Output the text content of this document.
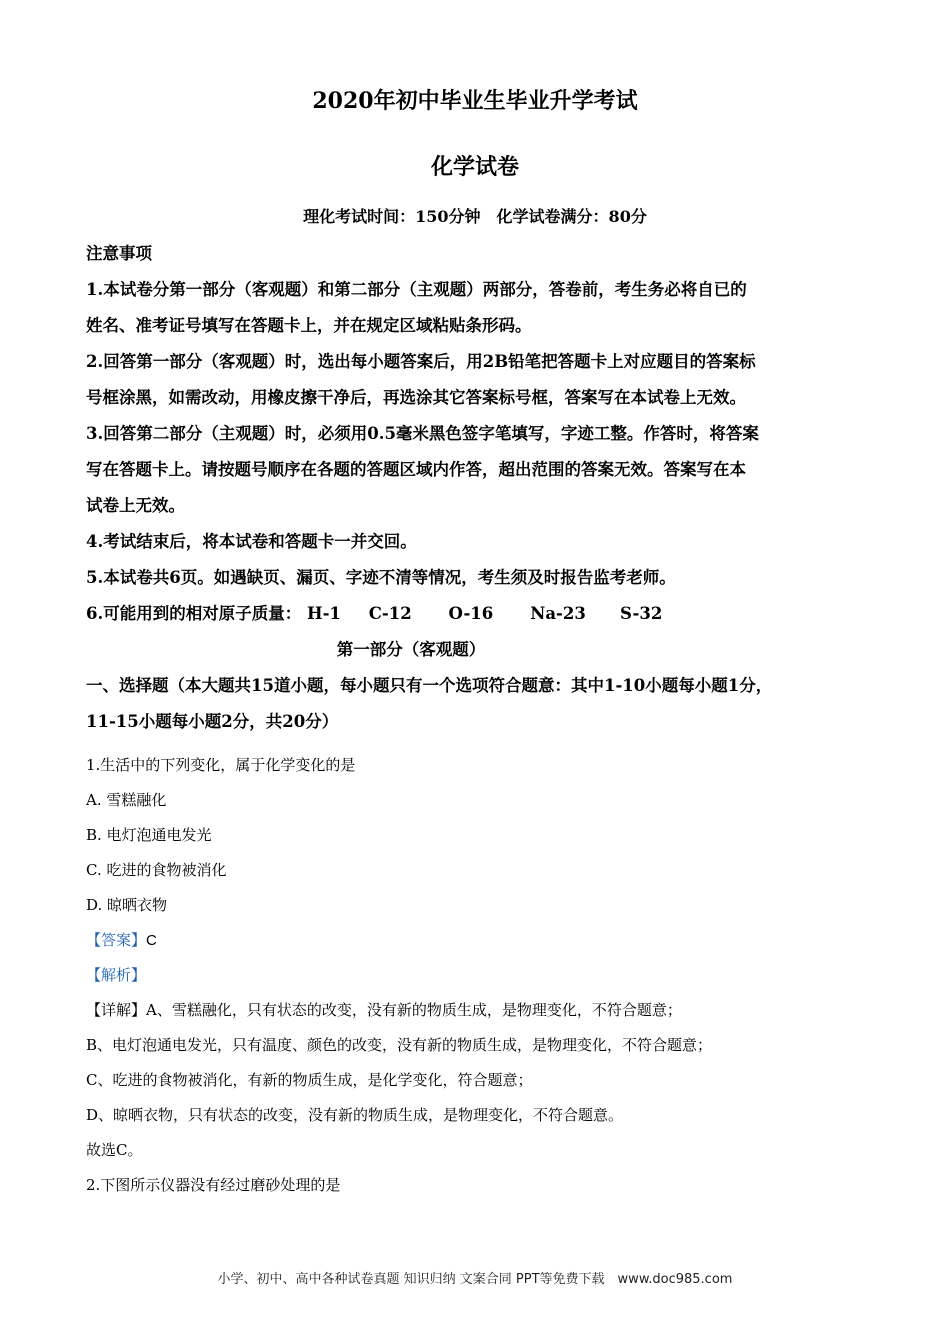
2020年初中毕业生毕业升学考试
化学试卷
理化考试时间：150分钟　化学试卷满分：80分
注意事项
1.本试卷分第一部分（客观题）和第二部分（主观题）两部分，答卷前，考生务必将自已的
姓名、准考证号填写在答题卡上，并在规定区域粘贴条形码。
2.回答第一部分（客观题）时，选出每小题答案后，用2B铅笔把答题卡上对应题目的答案标
号框涂黑，如需改动，用橡皮擦干净后，再选涂其它答案标号框，答案写在本试卷上无效。
3.回答第二部分（主观题）时，必须用0.5毫米黑色签字笔填写，字迹工整。作答时，将答案
写在答题卡上。请按题号顺序在各题的答题区域内作答，超出范围的答案无效。答案写在本
试卷上无效。
4.考试结束后，将本试卷和答题卡一并交回。
5.本试卷共6页。如遇缺页、漏页、字迹不清等情况，考生须及时报告监考老师。
6.可能用到的相对原子质量： H-1 C-12 O-16 Na-23 S-32
第一部分（客观题）
一、选择题（本大题共15道小题，每小题只有一个选项符合题意：其中1-10小题每小题1分，
11-15小题每小题2分，共20分）
1.生活中的下列变化，属于化学变化的是
A. 雪糕融化
B. 电灯泡通电发光
C. 吃进的食物被消化
D. 晾晒衣物
【答案】C
【解析】
【详解】A、雪糕融化，只有状态的改变，没有新的物质生成，是物理变化，不符合题意；
B、电灯泡通电发光，只有温度、颜色的改变，没有新的物质生成，是物理变化，不符合题意；
C、吃进的食物被消化，有新的物质生成，是化学变化，符合题意；
D、晾晒衣物，只有状态的改变，没有新的物质生成，是物理变化，不符合题意。
故选C。
2.下图所示仪器没有经过磨砂处理的是
小学、初中、高中各种试卷真题 知识归纳 文案合同 PPT等免费下载　www.doc985.com
